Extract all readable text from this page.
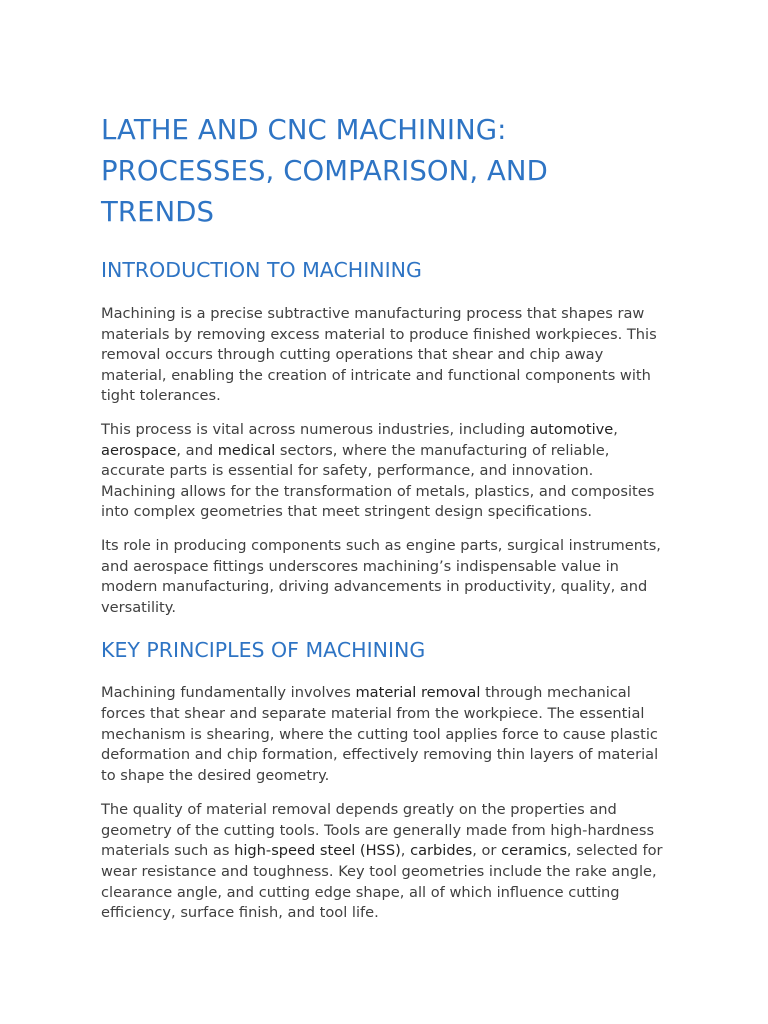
LATHE AND CNC MACHINING: PROCESSES, COMPARISON, AND TRENDS
INTRODUCTION TO MACHINING

Machining is a precise subtractive manufacturing process that shapes raw materials by removing excess material to produce finished workpieces. This removal occurs through cutting operations that shear and chip away material, enabling the creation of intricate and functional components with tight tolerances.

This process is vital across numerous industries, including automotive, aerospace, and medical sectors, where the manufacturing of reliable, accurate parts is essential for safety, performance, and innovation. Machining allows for the transformation of metals, plastics, and composites into complex geometries that meet stringent design specifications.

Its role in producing components such as engine parts, surgical instruments, and aerospace fittings underscores machining’s indispensable value in modern manufacturing, driving advancements in productivity, quality, and versatility.

KEY PRINCIPLES OF MACHINING

Machining fundamentally involves material removal through mechanical forces that shear and separate material from the workpiece. The essential mechanism is shearing, where the cutting tool applies force to cause plastic deformation and chip formation, effectively removing thin layers of material to shape the desired geometry.

The quality of material removal depends greatly on the properties and geometry of the cutting tools. Tools are generally made from high-hardness materials such as high-speed steel (HSS), carbides, or ceramics, selected for wear resistance and toughness. Key tool geometries include the rake angle, clearance angle, and cutting edge shape, all of which influence cutting efficiency, surface finish, and tool life.
